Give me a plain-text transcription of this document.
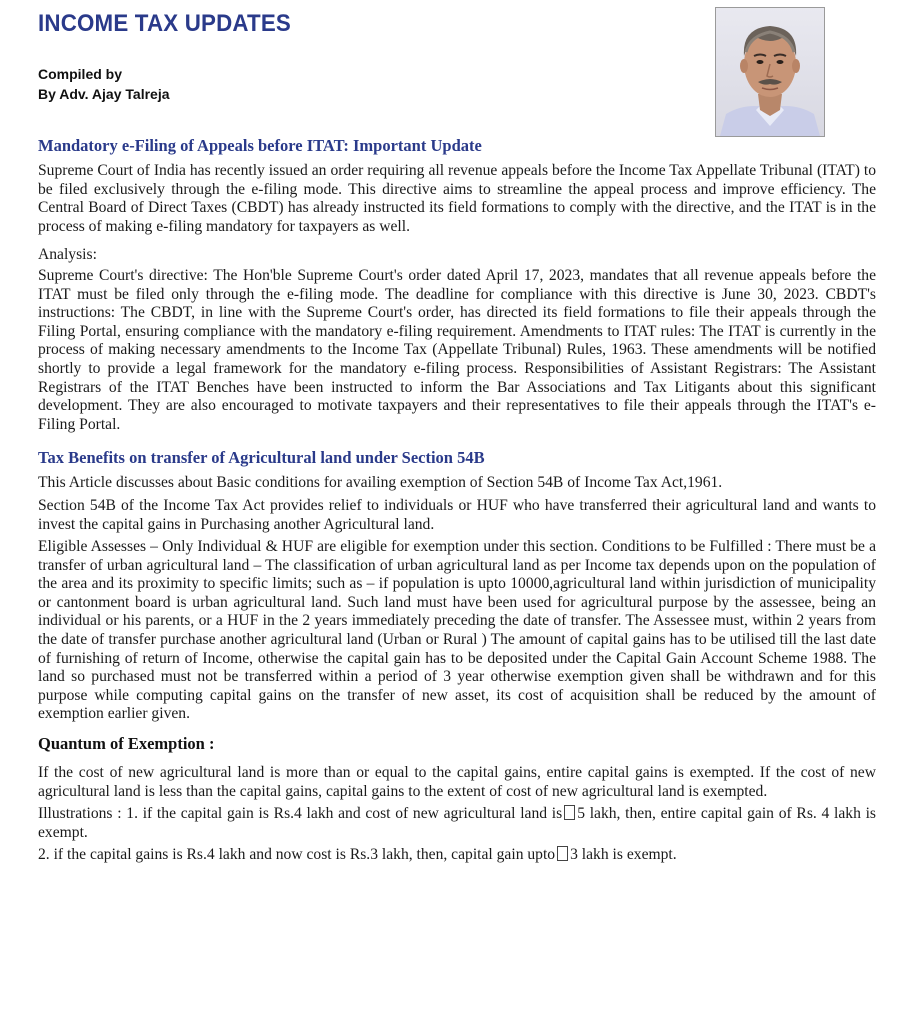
INCOME TAX UPDATES
Compiled by
By Adv. Ajay Talreja
Mandatory e-Filing of Appeals before ITAT: Important Update

Supreme Court of India has recently issued an order requiring all revenue appeals before the Income Tax Appellate Tribunal (ITAT) to be filed exclusively through the e-filing mode. This directive aims to streamline the appeal process and improve efficiency. The Central Board of Direct Taxes (CBDT) has already instructed its field formations to comply with the directive, and the ITAT is in the process of making e-filing mandatory for taxpayers as well.

Analysis:

Supreme Court's directive: The Hon'ble Supreme Court's order dated April 17, 2023, mandates that all revenue appeals before the ITAT must be filed only through the e-filing mode. The deadline for compliance with this directive is June 30, 2023. CBDT's instructions: The CBDT, in line with the Supreme Court's order, has directed its field formations to file their appeals through the Filing Portal, ensuring compliance with the mandatory e-filing requirement. Amendments to ITAT rules: The ITAT is currently in the process of making necessary amendments to the Income Tax (Appellate Tribunal) Rules, 1963. These amendments will be notified shortly to provide a legal framework for the mandatory e-filing process. Responsibilities of Assistant Registrars: The Assistant Registrars of the ITAT Benches have been instructed to inform the Bar Associations and Tax Litigants about this significant development. They are also encouraged to motivate taxpayers and their representatives to file their appeals through the ITAT's e-Filing Portal.

Tax Benefits on transfer of Agricultural land under Section 54B

This Article discusses about Basic conditions for availing exemption of Section 54B of Income Tax Act,1961.

Section 54B of the Income Tax Act provides relief to individuals or HUF who have transferred their agricultural land and wants to invest the capital gains in Purchasing another Agricultural land.

Eligible Assesses – Only Individual & HUF are eligible for exemption under this section. Conditions to be Fulfilled : There must be a transfer of urban agricultural land – The classification of urban agricultural land as per Income tax depends upon on the population of the area and its proximity to specific limits; such as – if population is upto 10000,agricultural land within jurisdiction of municipality or cantonment board is urban agricultural land. Such land must have been used for agricultural purpose by the assessee, being an individual or his parents, or a HUF in the 2 years immediately preceding the date of transfer. The Assessee must, within 2 years from the date of transfer purchase another agricultural land (Urban or Rural ) The amount of capital gains has to be utilised till the last date of furnishing of return of Income, otherwise the capital gain has to be deposited under the Capital Gain Account Scheme 1988. The land so purchased must not be transferred within a period of 3 year otherwise exemption given shall be withdrawn and for this purpose while computing capital gains on the transfer of new asset, its cost of acquisition shall be reduced by the amount of exemption earlier given.

Quantum of Exemption :

If the cost of new agricultural land is more than or equal to the capital gains, entire capital gains is exempted. If the cost of new agricultural land is less than the capital gains, capital gains to the extent of cost of new agricultural land is exempted.

Illustrations : 1. if the capital gain is Rs.4 lakh and cost of new agricultural land is 5 lakh, then, entire capital gain of Rs. 4 lakh is exempt.

2. if the capital gains is Rs.4 lakh and now cost is Rs.3 lakh, then, capital gain upto 3 lakh is exempt.
